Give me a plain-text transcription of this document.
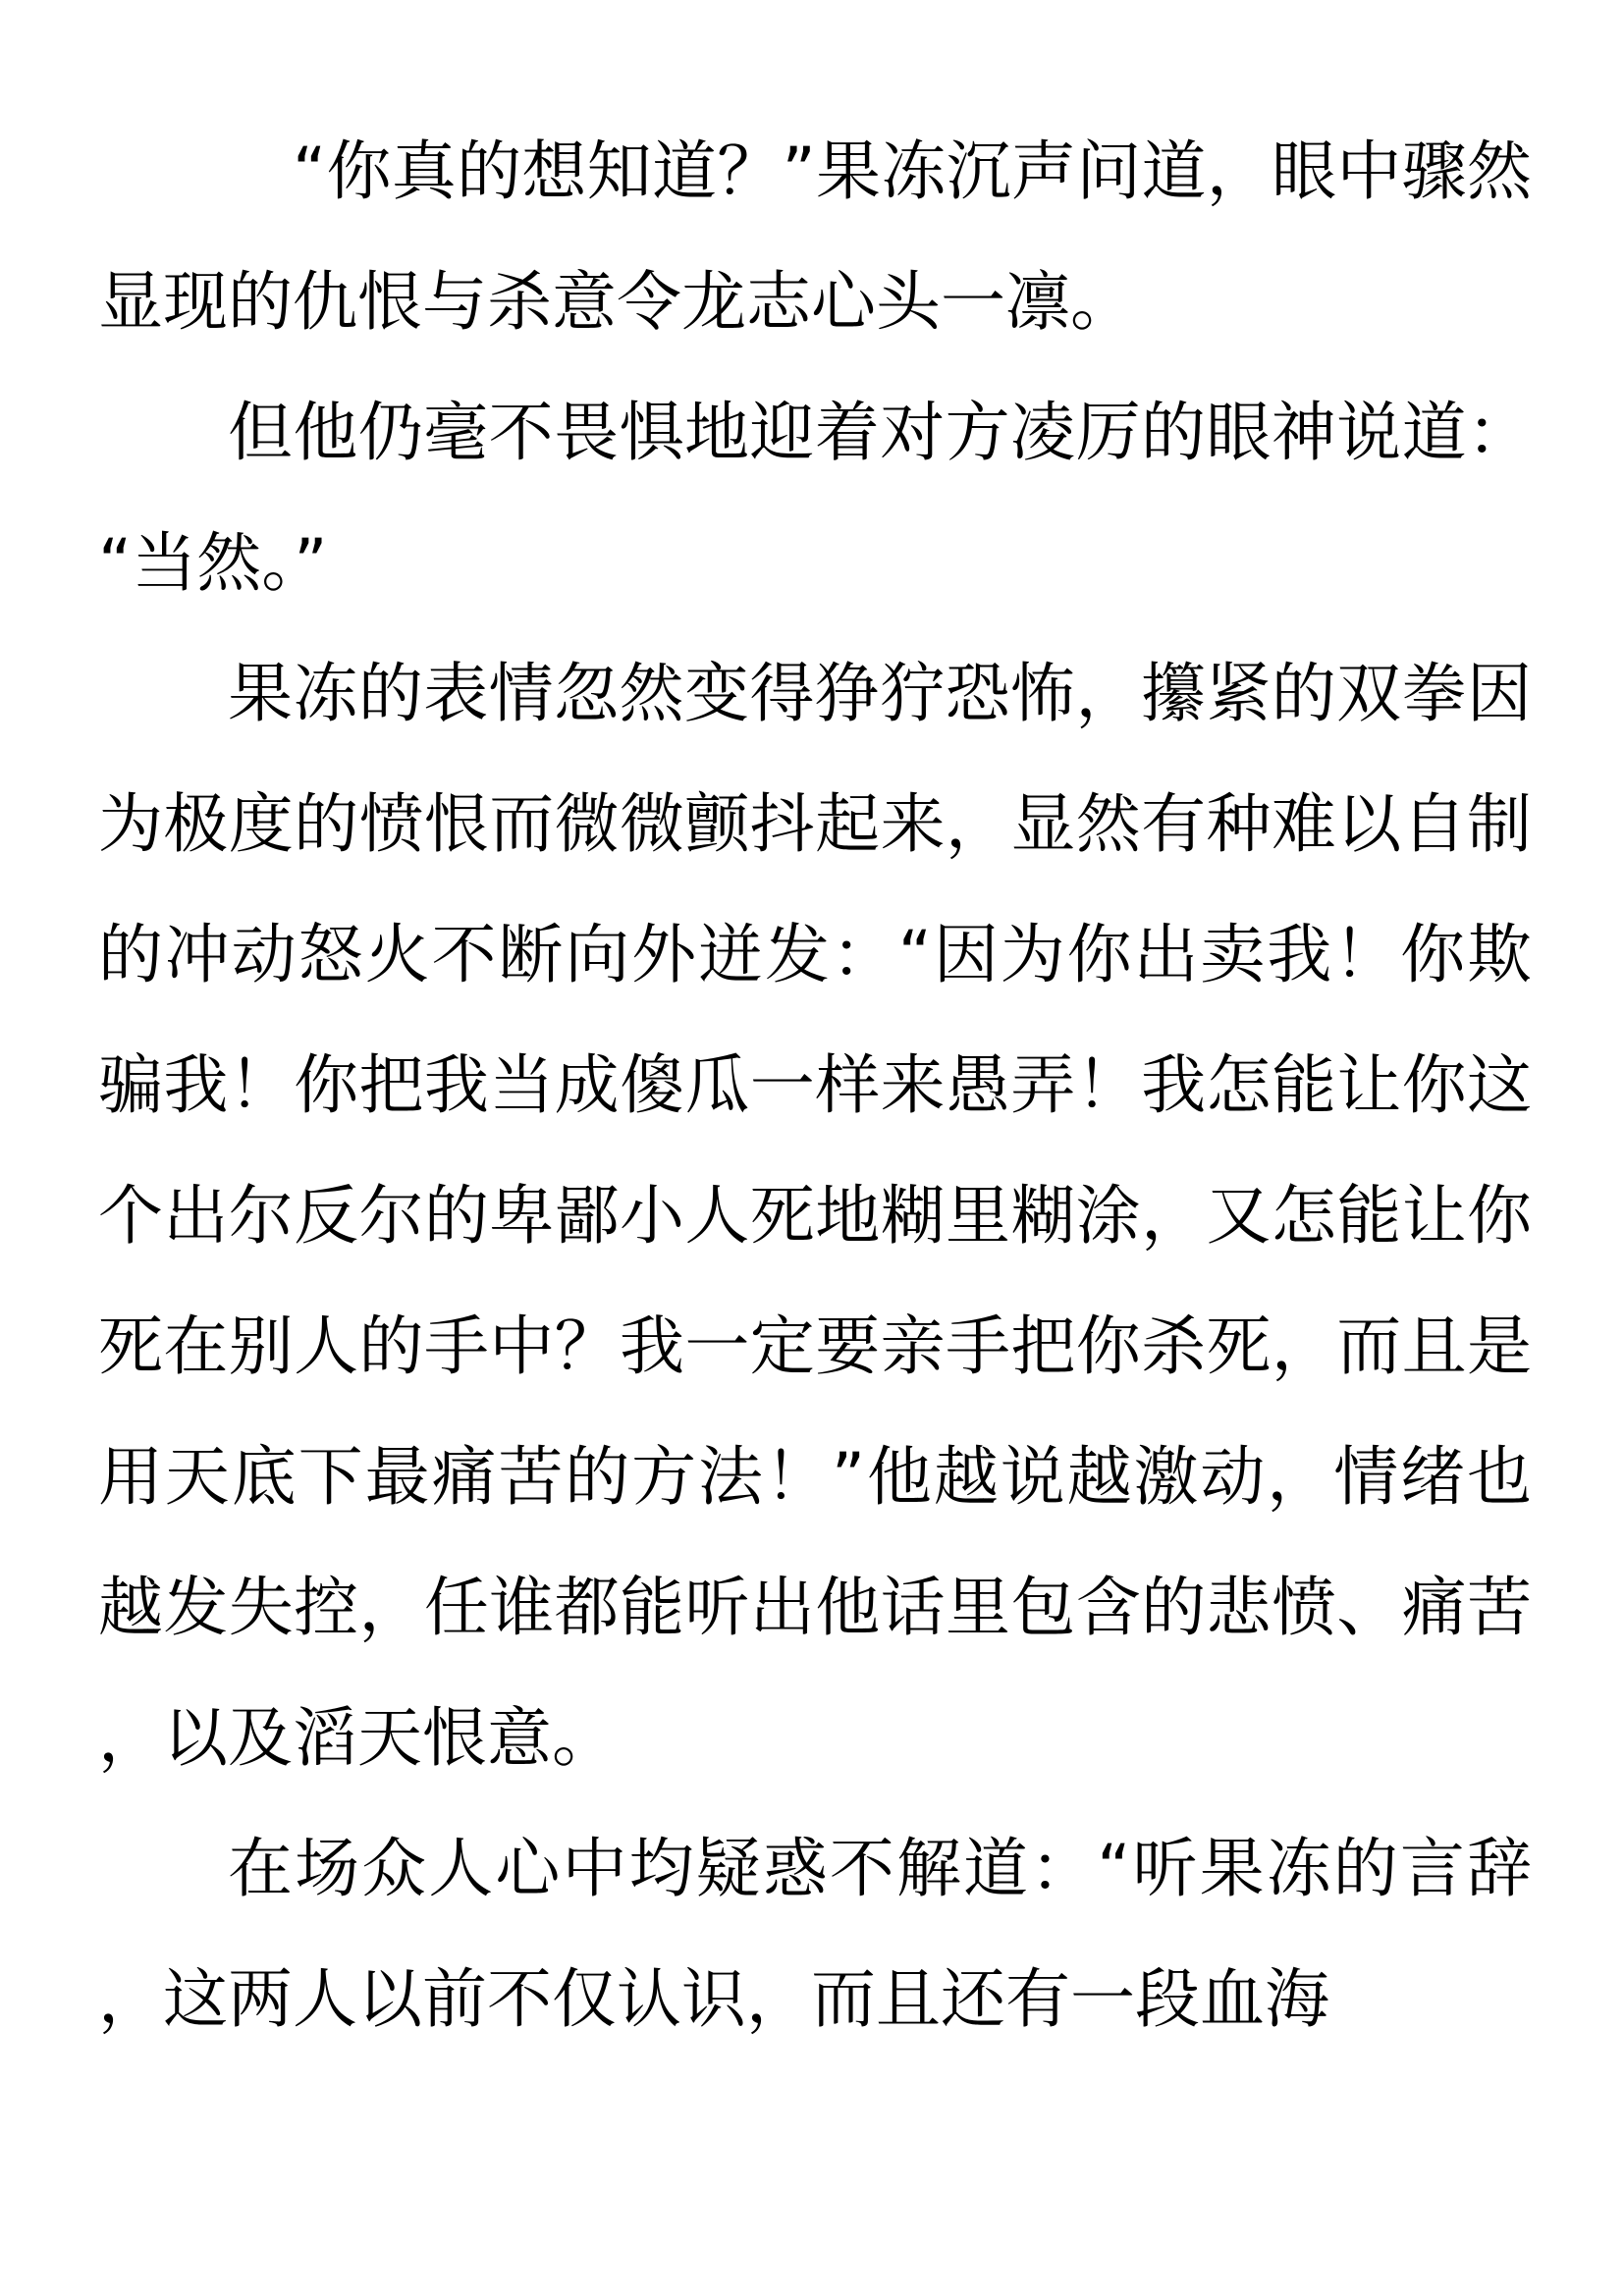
“你真的想知道？”果冻沉声问道，眼中骤然显现的仇恨与杀意令龙志心头一凛。

但他仍毫不畏惧地迎着对方凌厉的眼神说道：“当然。”

果冻的表情忽然变得狰狞恐怖，攥紧的双拳因为极度的愤恨而微微颤抖起来，显然有种难以自制的冲动怒火不断向外迸发：“因为你出卖我！你欺骗我！你把我当成傻瓜一样来愚弄！我怎能让你这个出尔反尔的卑鄙小人死地糊里糊涂，又怎能让你死在别人的手中？我一定要亲手把你杀死，而且是用天底下最痛苦的方法！”他越说越激动，情绪也越发失控，任谁都能听出他话里包含的悲愤、痛苦，以及滔天恨意。

在场众人心中均疑惑不解道：“听果冻的言辞，这两人以前不仅认识，而且还有一段血海
